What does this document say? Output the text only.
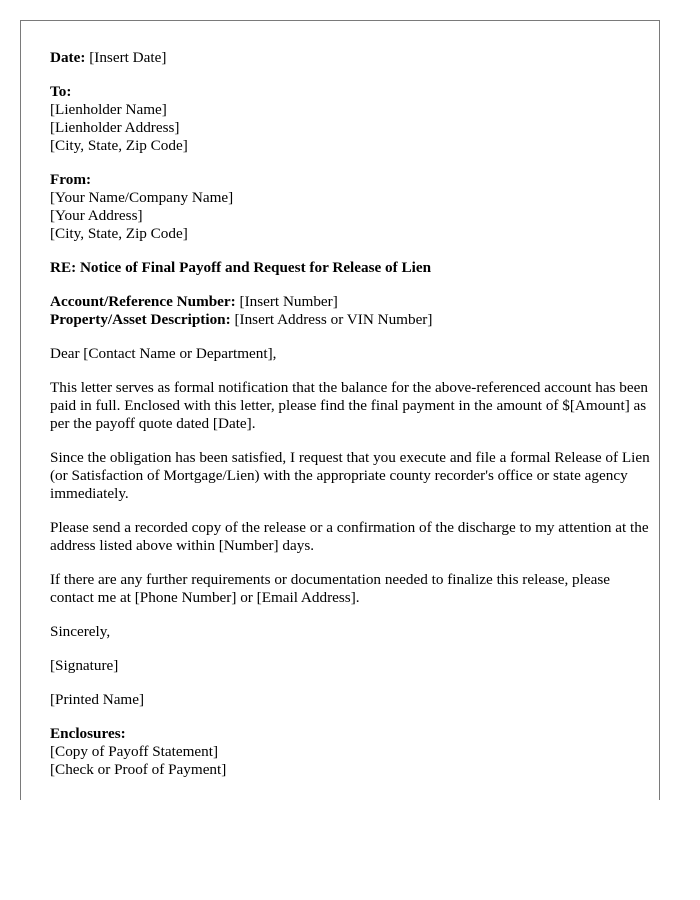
Date: [Insert Date]

To:
[Lienholder Name]
[Lienholder Address]
[City, State, Zip Code]

From:
[Your Name/Company Name]
[Your Address]
[City, State, Zip Code]

RE: Notice of Final Payoff and Request for Release of Lien

Account/Reference Number: [Insert Number]
Property/Asset Description: [Insert Address or VIN Number]

Dear [Contact Name or Department],

This letter serves as formal notification that the balance for the above-referenced account has been paid in full. Enclosed with this letter, please find the final payment in the amount of $[Amount] as per the payoff quote dated [Date].

Since the obligation has been satisfied, I request that you execute and file a formal Release of Lien (or Satisfaction of Mortgage/Lien) with the appropriate county recorder's office or state agency immediately.

Please send a recorded copy of the release or a confirmation of the discharge to my attention at the address listed above within [Number] days.

If there are any further requirements or documentation needed to finalize this release, please contact me at [Phone Number] or [Email Address].

Sincerely,

[Signature]

[Printed Name]

Enclosures:
[Copy of Payoff Statement]
[Check or Proof of Payment]
